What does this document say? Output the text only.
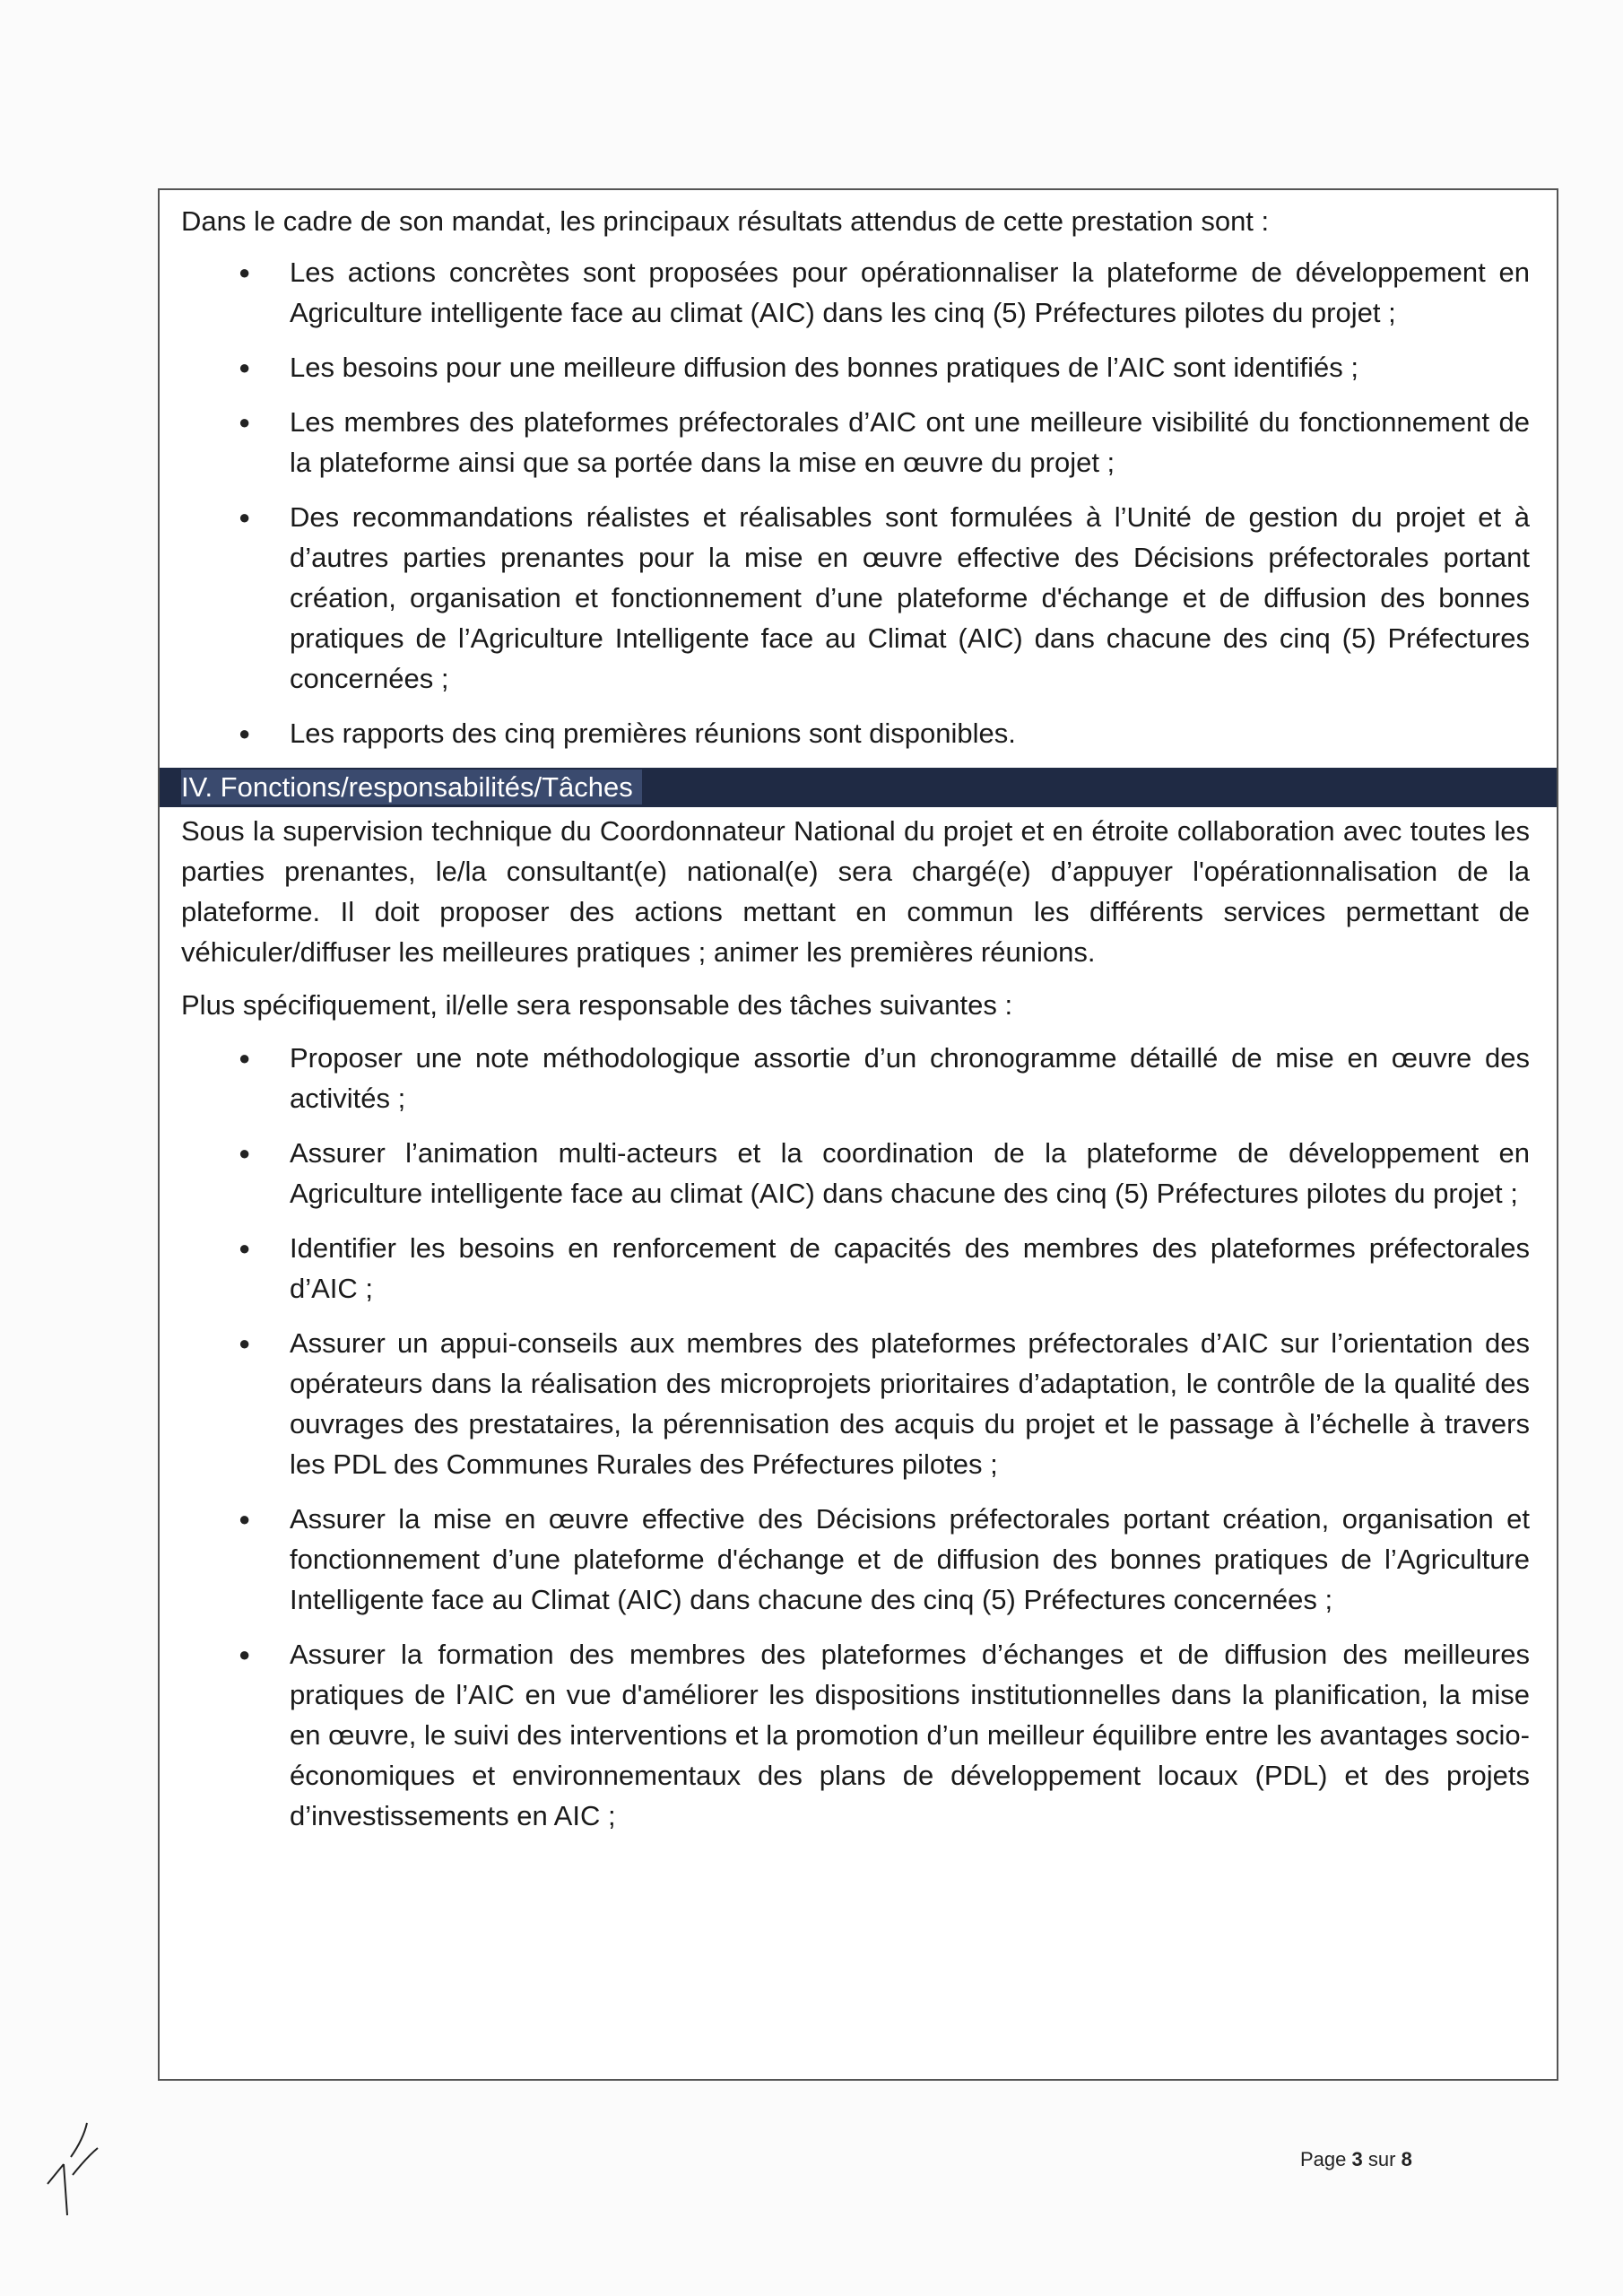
Dans le cadre de son mandat, les principaux résultats attendus de cette prestation sont :

● Les actions concrètes sont proposées pour opérationnaliser la plateforme de développement en Agriculture intelligente face au climat (AIC) dans les cinq (5) Préfectures pilotes du projet ;
● Les besoins pour une meilleure diffusion des bonnes pratiques de l’AIC sont identifiés ;
● Les membres des plateformes préfectorales d’AIC ont une meilleure visibilité du fonctionnement de la plateforme ainsi que sa portée dans la mise en œuvre du projet ;
● Des recommandations réalistes et réalisables sont formulées à l’Unité de gestion du projet et à d’autres parties prenantes pour la mise en œuvre effective des Décisions préfectorales portant création, organisation et fonctionnement d’une plateforme d'échange et de diffusion des bonnes pratiques de l’Agriculture Intelligente face au Climat (AIC) dans chacune des cinq (5) Préfectures concernées ;
● Les rapports des cinq premières réunions sont disponibles.
IV. Fonctions/responsabilités/Tâches

Sous la supervision technique du Coordonnateur National du projet et en étroite collaboration avec toutes les parties prenantes, le/la consultant(e) national(e) sera chargé(e) d’appuyer l'opérationnalisation de la plateforme. Il doit proposer des actions mettant en commun les différents services permettant de véhiculer/diffuser les meilleures pratiques ; animer les premières réunions.

Plus spécifiquement, il/elle sera responsable des tâches suivantes :

● Proposer une note méthodologique assortie d’un chronogramme détaillé de mise en œuvre des activités ;
● Assurer l’animation multi-acteurs et la coordination de la plateforme de développement en Agriculture intelligente face au climat (AIC) dans chacune des cinq (5) Préfectures pilotes du projet ;
● Identifier les besoins en renforcement de capacités des membres des plateformes préfectorales d’AIC ;
● Assurer un appui-conseils aux membres des plateformes préfectorales d’AIC sur l’orientation des opérateurs dans la réalisation des microprojets prioritaires d’adaptation, le contrôle de la qualité des ouvrages des prestataires, la pérennisation des acquis du projet et le passage à l’échelle à travers les PDL des Communes Rurales des Préfectures pilotes ;
● Assurer la mise en œuvre effective des Décisions préfectorales portant création, organisation et fonctionnement d’une plateforme d'échange et de diffusion des bonnes pratiques de l’Agriculture Intelligente face au Climat (AIC) dans chacune des cinq (5) Préfectures concernées ;
● Assurer la formation des membres des plateformes d’échanges et de diffusion des meilleures pratiques de l’AIC en vue d'améliorer les dispositions institutionnelles dans la planification, la mise en œuvre, le suivi des interventions et la promotion d’un meilleur équilibre entre les avantages socio-économiques et environnementaux des plans de développement locaux (PDL) et des projets d’investissements en AIC ;
Page 3 sur 8
